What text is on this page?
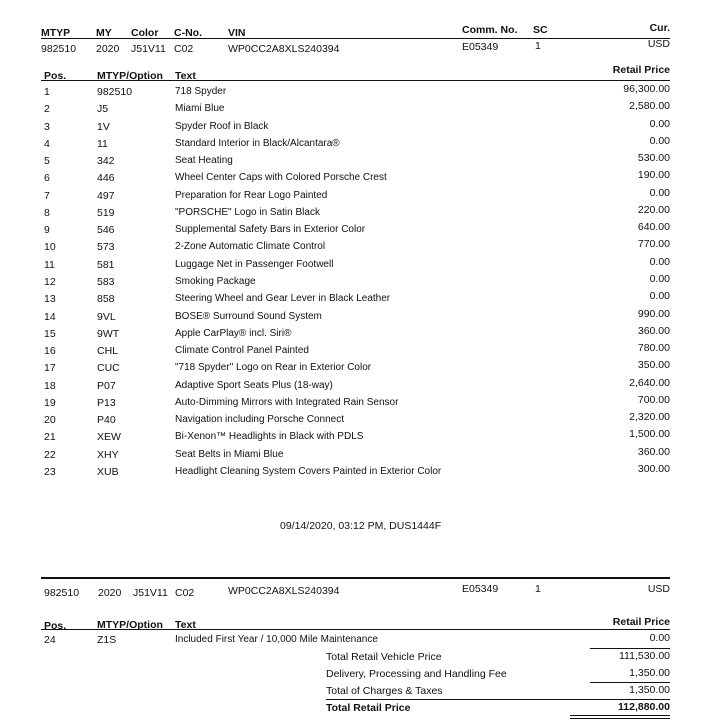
MTYP MY Color C-No. VIN	Comm. No. SC	Cur.
982510 2020 J51V11 C02	WP0CC2A8XLS240394	E05349	1	USD
Pos.	MTYP/Option Text	Retail Price
1	982510	718 Spyder	96,300.00
2	J5	Miami Blue	2,580.00
3	1V	Spyder Roof in Black	0.00
4	11	Standard Interior in Black/Alcantara®	0.00
5	342	Seat Heating	530.00
6	446	Wheel Center Caps with Colored Porsche Crest	190.00
7	497	Preparation for Rear Logo Painted	0.00
8	519	"PORSCHE" Logo in Satin Black	220.00
9	546	Supplemental Safety Bars in Exterior Color	640.00
10	573	2-Zone Automatic Climate Control	770.00
11	581	Luggage Net in Passenger Footwell	0.00
12	583	Smoking Package	0.00
13	858	Steering Wheel and Gear Lever in Black Leather	0.00
14	9VL	BOSE® Surround Sound System	990.00
15	9WT	Apple CarPlay® incl. Siri®	360.00
16	CHL	Climate Control Panel Painted	780.00
17	CUC	"718 Spyder" Logo on Rear in Exterior Color	350.00
18	P07	Adaptive Sport Seats Plus (18-way)	2,640.00
19	P13	Auto-Dimming Mirrors with Integrated Rain Sensor	700.00
20	P40	Navigation including Porsche Connect	2,320.00
21	XEW	Bi-Xenon™ Headlights in Black with PDLS	1,500.00
22	XHY	Seat Belts in Miami Blue	360.00
23	XUB	Headlight Cleaning System Covers Painted in Exterior Color	300.00
09/14/2020, 03:12 PM, DUS1444F
982510 2020 J51V11 C02	WP0CC2A8XLS240394	E05349	1	USD
Pos.	MTYP/Option Text	Retail Price
24	Z1S	Included First Year / 10,000 Mile Maintenance	0.00
Total Retail Vehicle Price	111,530.00
Delivery, Processing and Handling Fee	1,350.00
Total of Charges & Taxes	1,350.00
Total Retail Price	112,880.00
